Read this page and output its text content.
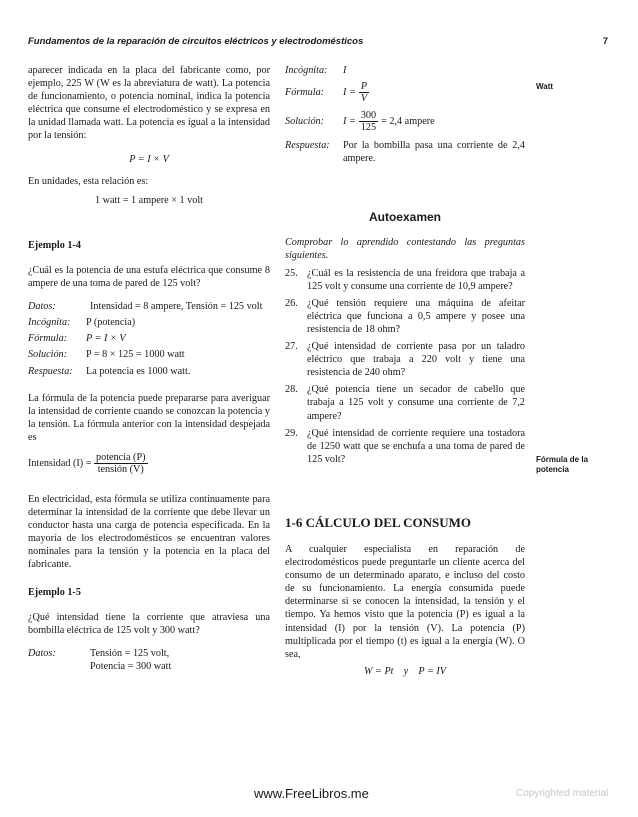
Fundamentos de la reparación de circuitos eléctricos y electrodomésticos	7

aparecer indicada en la placa del fabricante como, por ejemplo, 225 W (W es la abreviatura de watt). La potencia de funcionamiento, o potencia nominal, indica la potencia eléctrica que consume el electrodoméstico y se expresa en la unidad llamada watt. La potencia es igual a la intensidad por la tensión:

P = I × V

En unidades, esta relación es:

1 watt = 1 ampere × 1 volt

Ejemplo 1-4

¿Cuál es la potencia de una estufa eléctrica que consume 8 ampere de una toma de pared de 125 volt?

Datos:	Intensidad = 8 ampere, Tensión = 125 volt
Incógnita:	P (potencia)
Fórmula:	P = I × V
Solución:	P = 8 × 125 = 1000 watt
Respuesta:	La potencia es 1000 watt.

La fórmula de la potencia puede prepararse para averiguar la intensidad de corriente cuando se conozcan la potencia y la tensión. La fórmula anterior con la intensidad despejada es

Intensidad $(I) = \frac{\text{potencia (P)}}{\text{tensión (V)}}$

En electricidad, esta fórmula se utiliza continuamente para determinar la intensidad de la corriente que debe llevar un conductor hasta una carga de potencia especificada. En la mayoría de los electrodomésticos se encuentran valores nominales para la tensión y la potencia en la placa del fabricante.

Ejemplo 1-5

¿Qué intensidad tiene la corriente que atraviesa una bombilla eléctrica de 125 volt y 300 watt?

Datos:	Tensión = 125 volt,
Potencia = 300 watt
Incógnita:	I
Fórmula:	$I = \frac{P}{V}$
Solución:	$I = \frac{300}{125} = 2,4$ ampere
Respuesta:	Por la bombilla pasa una corriente de 2,4 ampere.

Autoexamen

Comprobar lo aprendido contestando las preguntas siguientes.

25. ¿Cuál es la resistencia de una freidora que trabaja a 125 volt y consume una corriente de 10,9 ampere?
26. ¿Qué tensión requiere una máquina de afeitar eléctrica que funciona a 0,5 ampere y posee una resistencia de 18 ohm?
27. ¿Qué intensidad de corriente pasa por un taladro eléctrico que trabaja a 220 volt y tiene una resistencia de 240 ohm?
28. ¿Qué potencia tiene un secador de cabello que trabaja a 125 volt y consume una corriente de 7,2 ampere?
29. ¿Qué intensidad de corriente requiere una tostadora de 1250 watt que se enchufa a una toma de pared de 125 volt?

1-6 CÁLCULO DEL CONSUMO

A cualquier especialista en reparación de electrodomésticos puede preguntarle un cliente acerca del consumo de un determinado aparato, e incluso del costo de su funcionamiento. La energía consumida puede determinarse si se conocen la intensidad, la tensión y el tiempo. Ya hemos visto que la potencia (P) es igual a la intensidad (I) por la tensión (V). La potencia (P) multiplicada por el tiempo (t) es igual a la energía (W). O sea,

W = Pt    y    P = IV

Watt
Fórmula de la
potencia
www.FreeLibros.me	Copyrighted material
